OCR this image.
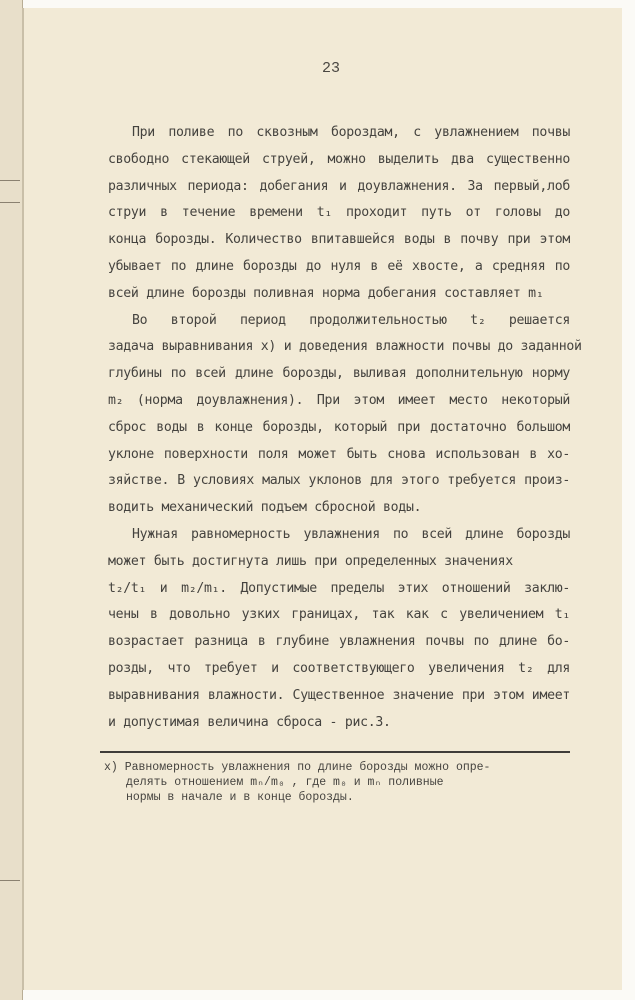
23
При поливе по сквозным бороздам, с увлажнением почвы
свободно стекающей струей, можно выделить два существенно
различных периода: добегания и доувлажнения. За первый,лоб
струи в течение времени t₁ проходит путь от головы до
конца борозды. Количество впитавшейся воды в почву при этом
убывает по длине борозды до нуля в её хвосте, а средняя по
всей длине борозды поливная норма добегания составляет m₁
Во второй период продолжительностью t₂ решается
задача выравнивания x) и доведения влажности почвы до заданной
глубины по всей длине борозды, выливая дополнительную норму
m₂ (норма доувлажнения). При этом имеет место некоторый
сброс воды в конце борозды, который при достаточно большом
уклоне поверхности поля может быть снова использован в хо-
зяйстве. В условиях малых уклонов для этого требуется произ-
водить механический подъем сбросной воды.
Нужная равномерность увлажнения по всей длине борозды
может быть достигнута лишь при определенных значениях
t₂/t₁ и m₂/m₁. Допустимые пределы этих отношений заклю-
чены в довольно узких границах, так как с увеличением t₁
возрастает разница в глубине увлажнения почвы по длине бо-
розды, что требует и соответствующего увеличения t₂ для
выравнивания влажности. Существенное значение при этом имеет
и допустимая величина сброса - рис.3.
x) Равномерность увлажнения по длине борозды можно опре-
делять отношением mₙ/m₀ , где m₀ и mₙ поливные
нормы в начале и в конце борозды.
